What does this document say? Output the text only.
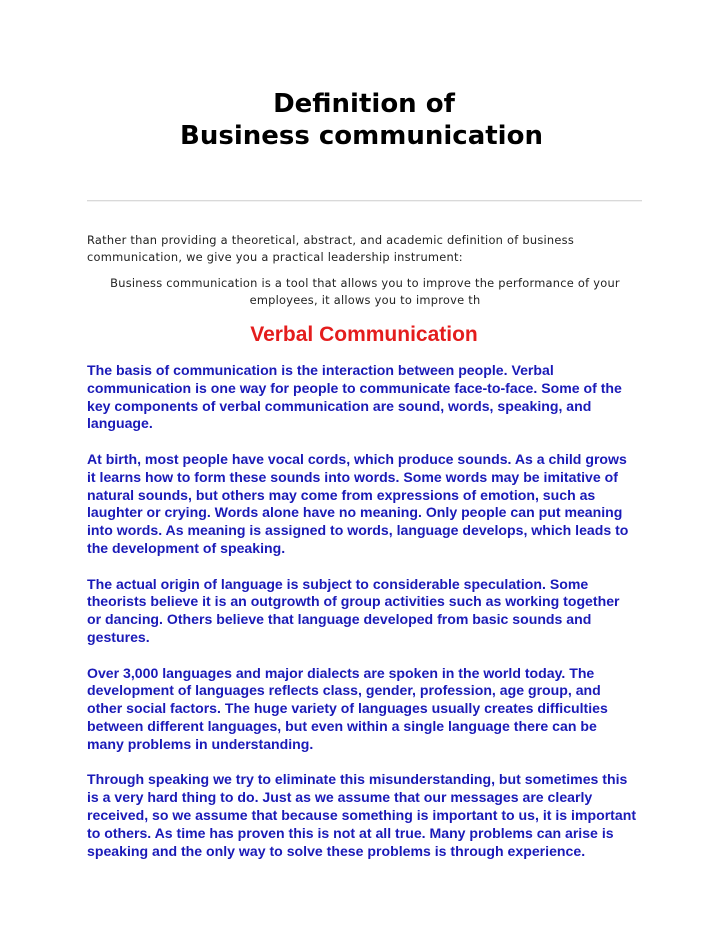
Definition of
Business communication
Rather than providing a theoretical, abstract, and academic definition of business
communication, we give you a practical leadership instrument:
Business communication is a tool that allows you to improve the performance of your
employees, it allows you to improve th
Verbal Communication

The basis of communication is the interaction between people. Verbal
communication is one way for people to communicate face-to-face. Some of the
key components of verbal communication are sound, words, speaking, and
language.

At birth, most people have vocal cords, which produce sounds. As a child grows
it learns how to form these sounds into words. Some words may be imitative of
natural sounds, but others may come from expressions of emotion, such as
laughter or crying. Words alone have no meaning. Only people can put meaning
into words. As meaning is assigned to words, language develops, which leads to
the development of speaking.

The actual origin of language is subject to considerable speculation. Some
theorists believe it is an outgrowth of group activities such as working together
or dancing. Others believe that language developed from basic sounds and
gestures.

Over 3,000 languages and major dialects are spoken in the world today. The
development of languages reflects class, gender, profession, age group, and
other social factors. The huge variety of languages usually creates difficulties
between different languages, but even within a single language there can be
many problems in understanding.

Through speaking we try to eliminate this misunderstanding, but sometimes this
is a very hard thing to do. Just as we assume that our messages are clearly
received, so we assume that because something is important to us, it is important
to others. As time has proven this is not at all true. Many problems can arise is
speaking and the only way to solve these problems is through experience.
